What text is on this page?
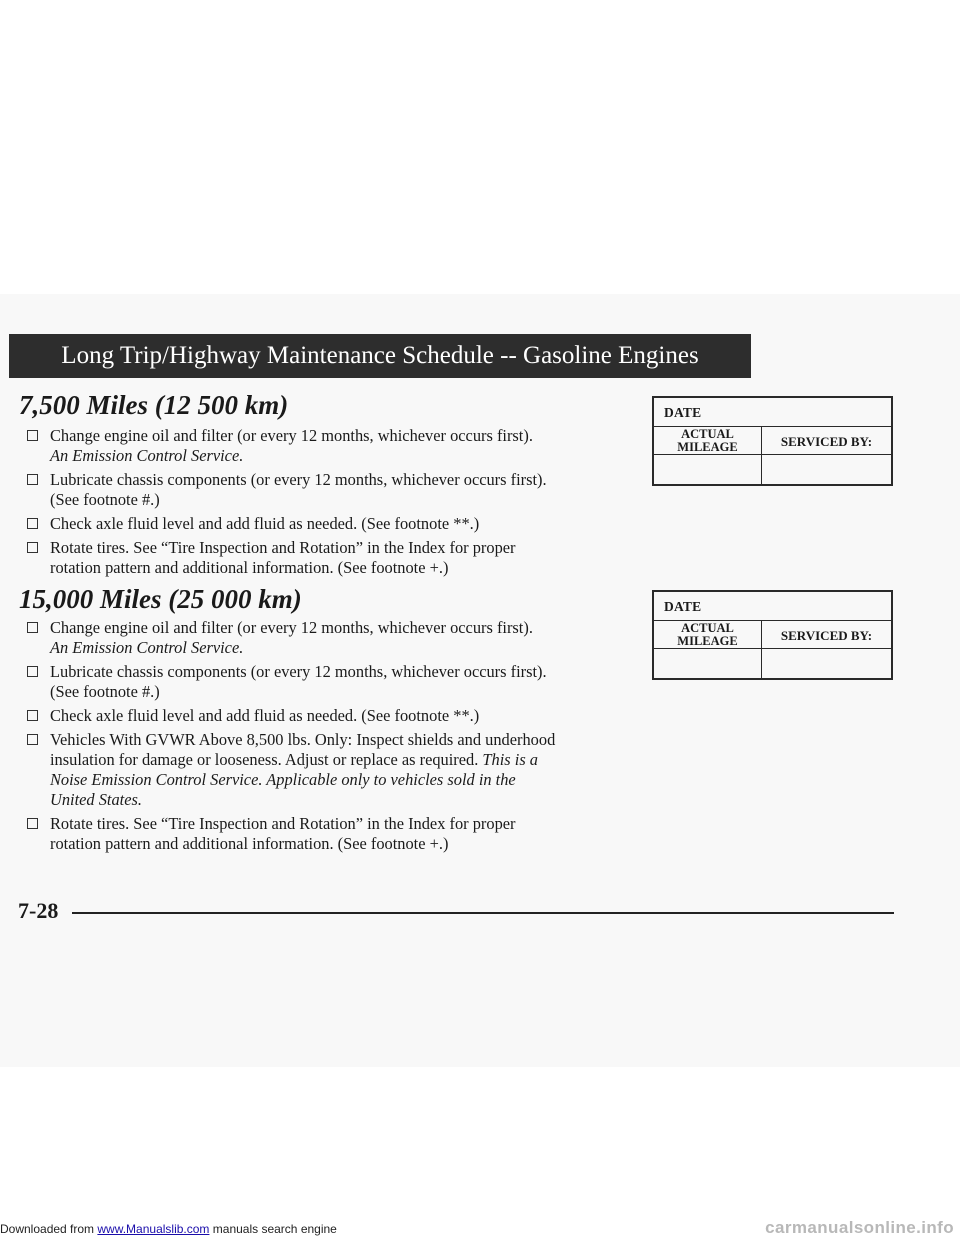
Long Trip/Highway Maintenance Schedule -- Gasoline Engines
7,500 Miles (12 500 km)
Change engine oil and filter (or every 12 months, whichever occurs first).
An Emission Control Service.
Lubricate chassis components (or every 12 months, whichever occurs first).
(See footnote #.)
Check axle fluid level and add fluid as needed. (See footnote **.)
Rotate tires. See “Tire Inspection and Rotation” in the Index for proper
rotation pattern and additional information. (See footnote +.)
DATE
ACTUAL
MILEAGE	SERVICED BY:
15,000 Miles (25 000 km)
Change engine oil and filter (or every 12 months, whichever occurs first).
An Emission Control Service.
Lubricate chassis components (or every 12 months, whichever occurs first).
(See footnote #.)
Check axle fluid level and add fluid as needed. (See footnote **.)
Vehicles With GVWR Above 8,500 lbs. Only: Inspect shields and underhood
insulation for damage or looseness. Adjust or replace as required. This is a
Noise Emission Control Service. Applicable only to vehicles sold in the
United States.
Rotate tires. See “Tire Inspection and Rotation” in the Index for proper
rotation pattern and additional information. (See footnote +.)
DATE
ACTUAL
MILEAGE	SERVICED BY:
7-28
Downloaded from www.Manualslib.com manuals search engine	carmanualsonline.info
